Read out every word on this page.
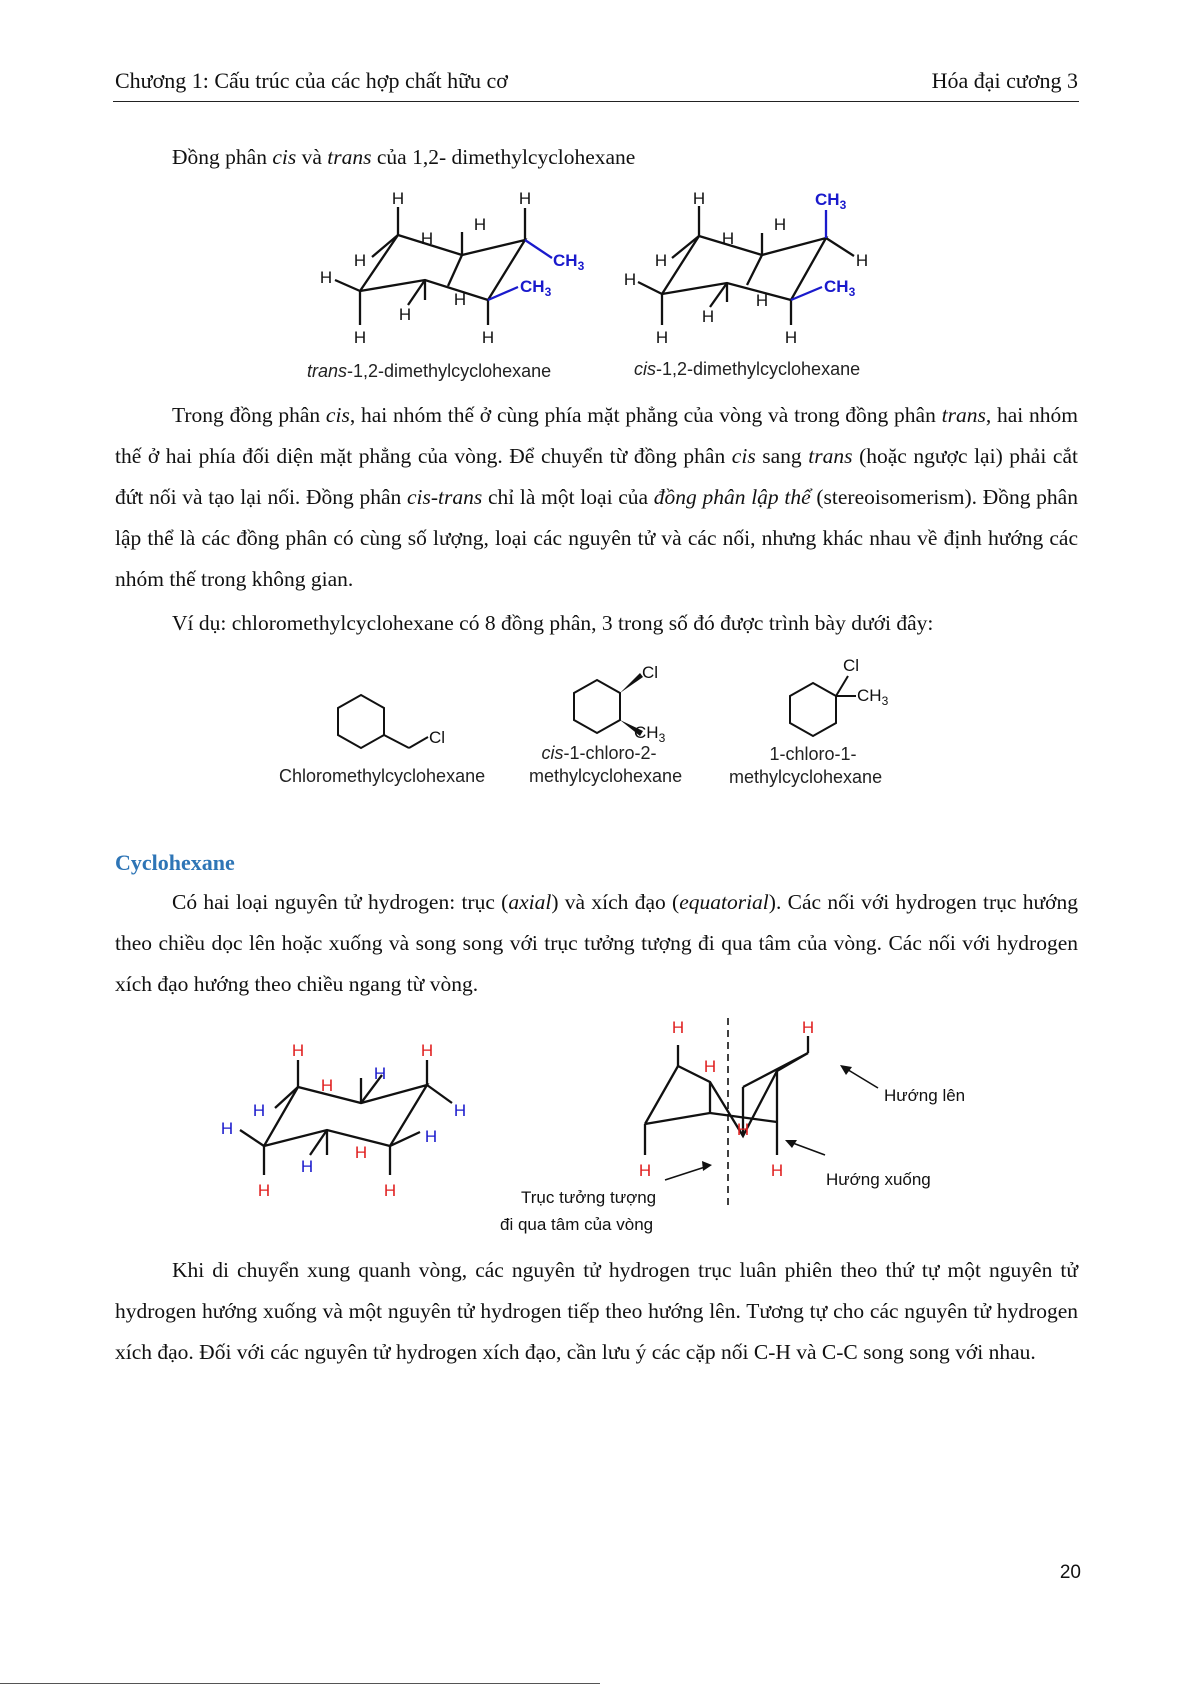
Chương 1: Cấu trúc của các hợp chất hữu cơ	Hóa đại cương 3
Đồng phân cis và trans của 1,2- dimethylcyclohexane
H	H
H
H
H
H
H
H
H	H
$CH_3$
$CH_3$
H
H
H
H	H
H
H
H
H	H
$CH_3$
$CH_3$
trans-1,2-dimethylcyclohexane	cis-1,2-dimethylcyclohexane
Trong đồng phân cis, hai nhóm thế ở cùng phía mặt phẳng của vòng và trong đồng phân trans, hai nhóm thế ở hai phía đối diện mặt phẳng của vòng. Để chuyển từ đồng phân cis sang trans (hoặc ngược lại) phải cắt đứt nối và tạo lại nối. Đồng phân cis-trans chỉ là một loại của đồng phân lập thể (stereoisomerism). Đồng phân lập thể là các đồng phân có cùng số lượng, loại các nguyên tử và các nối, nhưng khác nhau về định hướng các nhóm thế trong không gian.
Ví dụ: chloromethylcyclohexane có 8 đồng phân, 3 trong số đó được trình bày dưới đây:
Cl
Cl	Cl
$CH_3$
$CH_3$
Chloromethylcyclohexane
cis-1-chloro-2-
methylcyclohexane
1-chloro-1-
methylcyclohexane
Cyclohexane
Có hai loại nguyên tử hydrogen: trục (axial) và xích đạo (equatorial). Các nối với hydrogen trục hướng theo chiều dọc lên hoặc xuống và song song với trục tưởng tượng đi qua tâm của vòng. Các nối với hydrogen xích đạo hướng theo chiều ngang từ vòng.
H	H
H
H
H	H
H
H	H
H	H
H
H	H
H
H
H	H
Hướng lên
Hướng xuống
Trục tưởng tượng
đi qua tâm của vòng
Khi di chuyển xung quanh vòng, các nguyên tử hydrogen trục luân phiên theo thứ tự một nguyên tử hydrogen hướng xuống và một nguyên tử hydrogen tiếp theo hướng lên. Tương tự cho các nguyên tử hydrogen xích đạo. Đối với các nguyên tử hydrogen xích đạo, cần lưu ý các cặp nối C-H và C-C song song với nhau.
20
